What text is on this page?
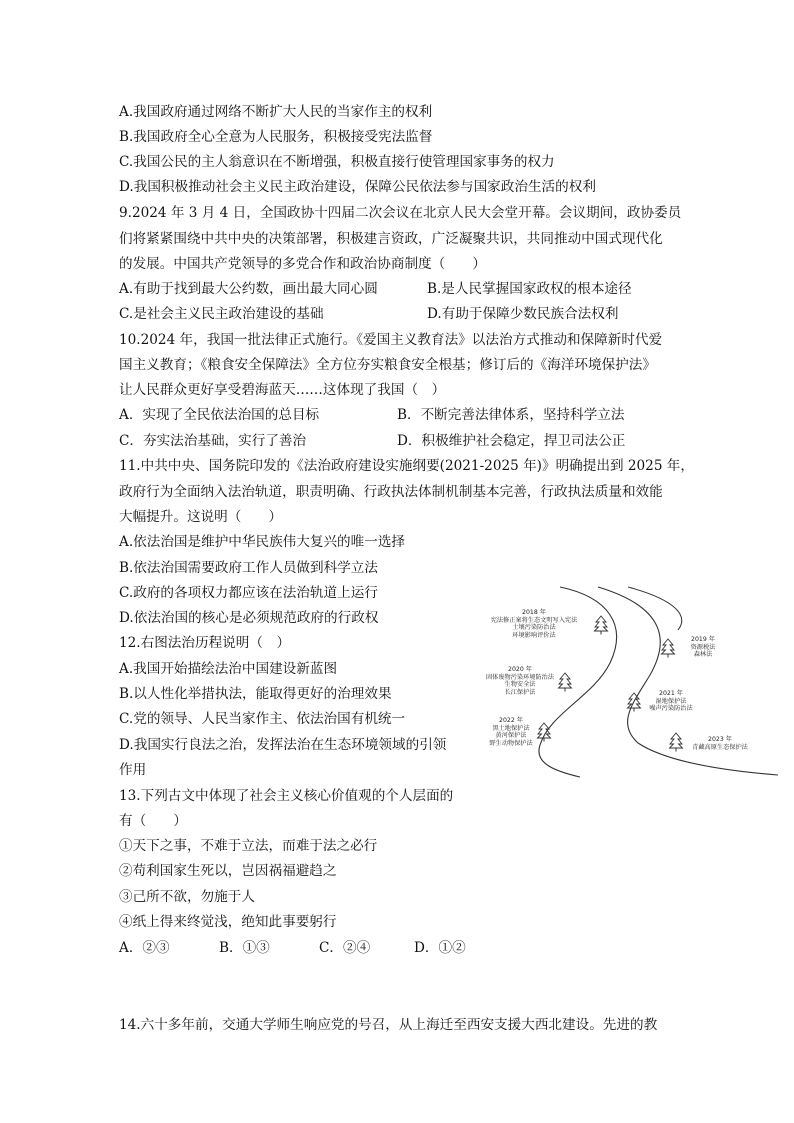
A.我国政府通过网络不断扩大人民的当家作主的权利
B.我国政府全心全意为人民服务，积极接受宪法监督
C.我国公民的主人翁意识在不断增强，积极直接行使管理国家事务的权力
D.我国积极推动社会主义民主政治建设，保障公民依法参与国家政治生活的权利
9.2024 年 3 月 4 日，全国政协十四届二次会议在北京人民大会堂开幕。会议期间，政协委员
们将紧紧围绕中共中央的决策部署，积极建言资政，广泛凝聚共识，共同推动中国式现代化
的发展。中国共产党领导的多党合作和政治协商制度（　　）
A.有助于找到最大公约数，画出最大同心圆	B.是人民掌握国家政权的根本途径
C.是社会主义民主政治建设的基础	D.有助于保障少数民族合法权利
10.2024 年，我国一批法律正式施行。《爱国主义教育法》以法治方式推动和保障新时代爱
国主义教育；《粮食安全保障法》全方位夯实粮食安全根基；修订后的《海洋环境保护法》
让人民群众更好享受碧海蓝天……这体现了我国（　）
A．实现了全民依法治国的总目标	B．不断完善法律体系，坚持科学立法
C．夯实法治基础，实行了善治	D．积极维护社会稳定，捍卫司法公正
11.中共中央、国务院印发的《法治政府建设实施纲要(2021-2025 年)》明确提出到 2025 年，
政府行为全面纳入法治轨道，职责明确、行政执法体制机制基本完善，行政执法质量和效能
大幅提升。这说明（　　）
A.依法治国是维护中华民族伟大复兴的唯一选择
B.依法治国需要政府工作人员做到科学立法
C.政府的各项权力都应该在法治轨道上运行
D.依法治国的核心是必须规范政府的行政权
12.右图法治历程说明（　）
A.我国开始描绘法治中国建设新蓝图
B.以人性化举措执法，能取得更好的治理效果
C.党的领导、人民当家作主、依法治国有机统一
D.我国实行良法之治，发挥法治在生态环境领域的引领
作用
2018 年
宪法修正案将生态文明写入宪法
土壤污染防治法
环境影响评价法
2019 年
资源税法
森林法
2020 年
固体废物污染环境防治法
生物安全法
长江保护法	2021 年
湿地保护法
噪声污染防治法
2022 年
黑土地保护法
黄河保护法
野生动物保护法
2023 年
青藏高原生态保护法
13.下列古文中体现了社会主义核心价值观的个人层面的
有（　　）
①天下之事，不难于立法，而难于法之必行
②苟利国家生死以，岂因祸福避趋之
③己所不欲，勿施于人
④纸上得来终觉浅，绝知此事要躬行
A．②③	B．①③	C．②④	D．①②
14.六十多年前，交通大学师生响应党的号召，从上海迁至西安支援大西北建设。先进的教
